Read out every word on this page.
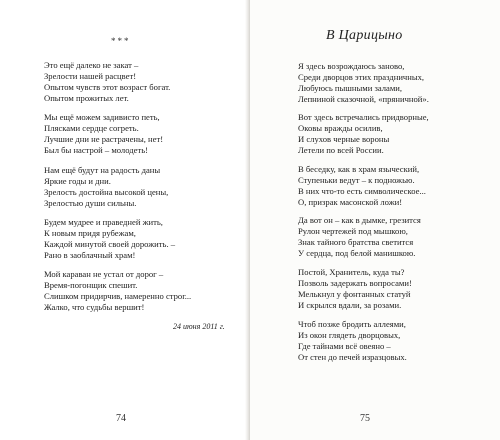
***
Это ещё далеко не закат –
Зрелости нашей расцвет!
Опытом чувств этот возраст богат.
Опытом прожитых лет.
Мы ещё можем задивисто петь,
Плясками сердце согреть.
Лучшие дни не растрачены, нет!
Был бы настрой – молодеть!
Нам ещё будут на радость даны
Яркие годы и дни.
Зрелость достойна высокой цены,
Зрелостью души сильны.
Будем мудрее и праведней жить,
К новым придя рубежам,
Каждой минутой своей дорожить. –
Рано в заоблачный храм!
Мой караван не устал от дорог –
Время-погонщик спешит.
Слишком придирчив, намеренно строг...
Жалко, что судьбы вершит!
24 июня 2011 г.
74
В Царицыно
Я здесь возрождаюсь заново,
Среди дворцов этих праздничных,
Любуюсь пышными залами,
Лепниной сказочной, «пряничной».
Вот здесь встречались придворные,
Оковы вражды осилив,
И слухов черные вороны
Летели по всей России.
В беседку, как в храм языческий,
Ступеньки ведут – к подножью.
В них что-то есть символическое...
О, призрак масонской ложи!
Да вот он – как в дымке, грезится
Рулон чертежей под мышкою,
Знак тайного братства светится
У сердца, под белой манишкою.
Постой, Хранитель, куда ты?
Позволь задержать вопросами!
Мелькнул у фонтанных статуй
И скрылся вдали, за розами.
Чтоб позже бродить аллеями,
Из окон глядеть дворцовых,
Где тайнами всё овеяно –
От стен до печей изразцовых.
75
